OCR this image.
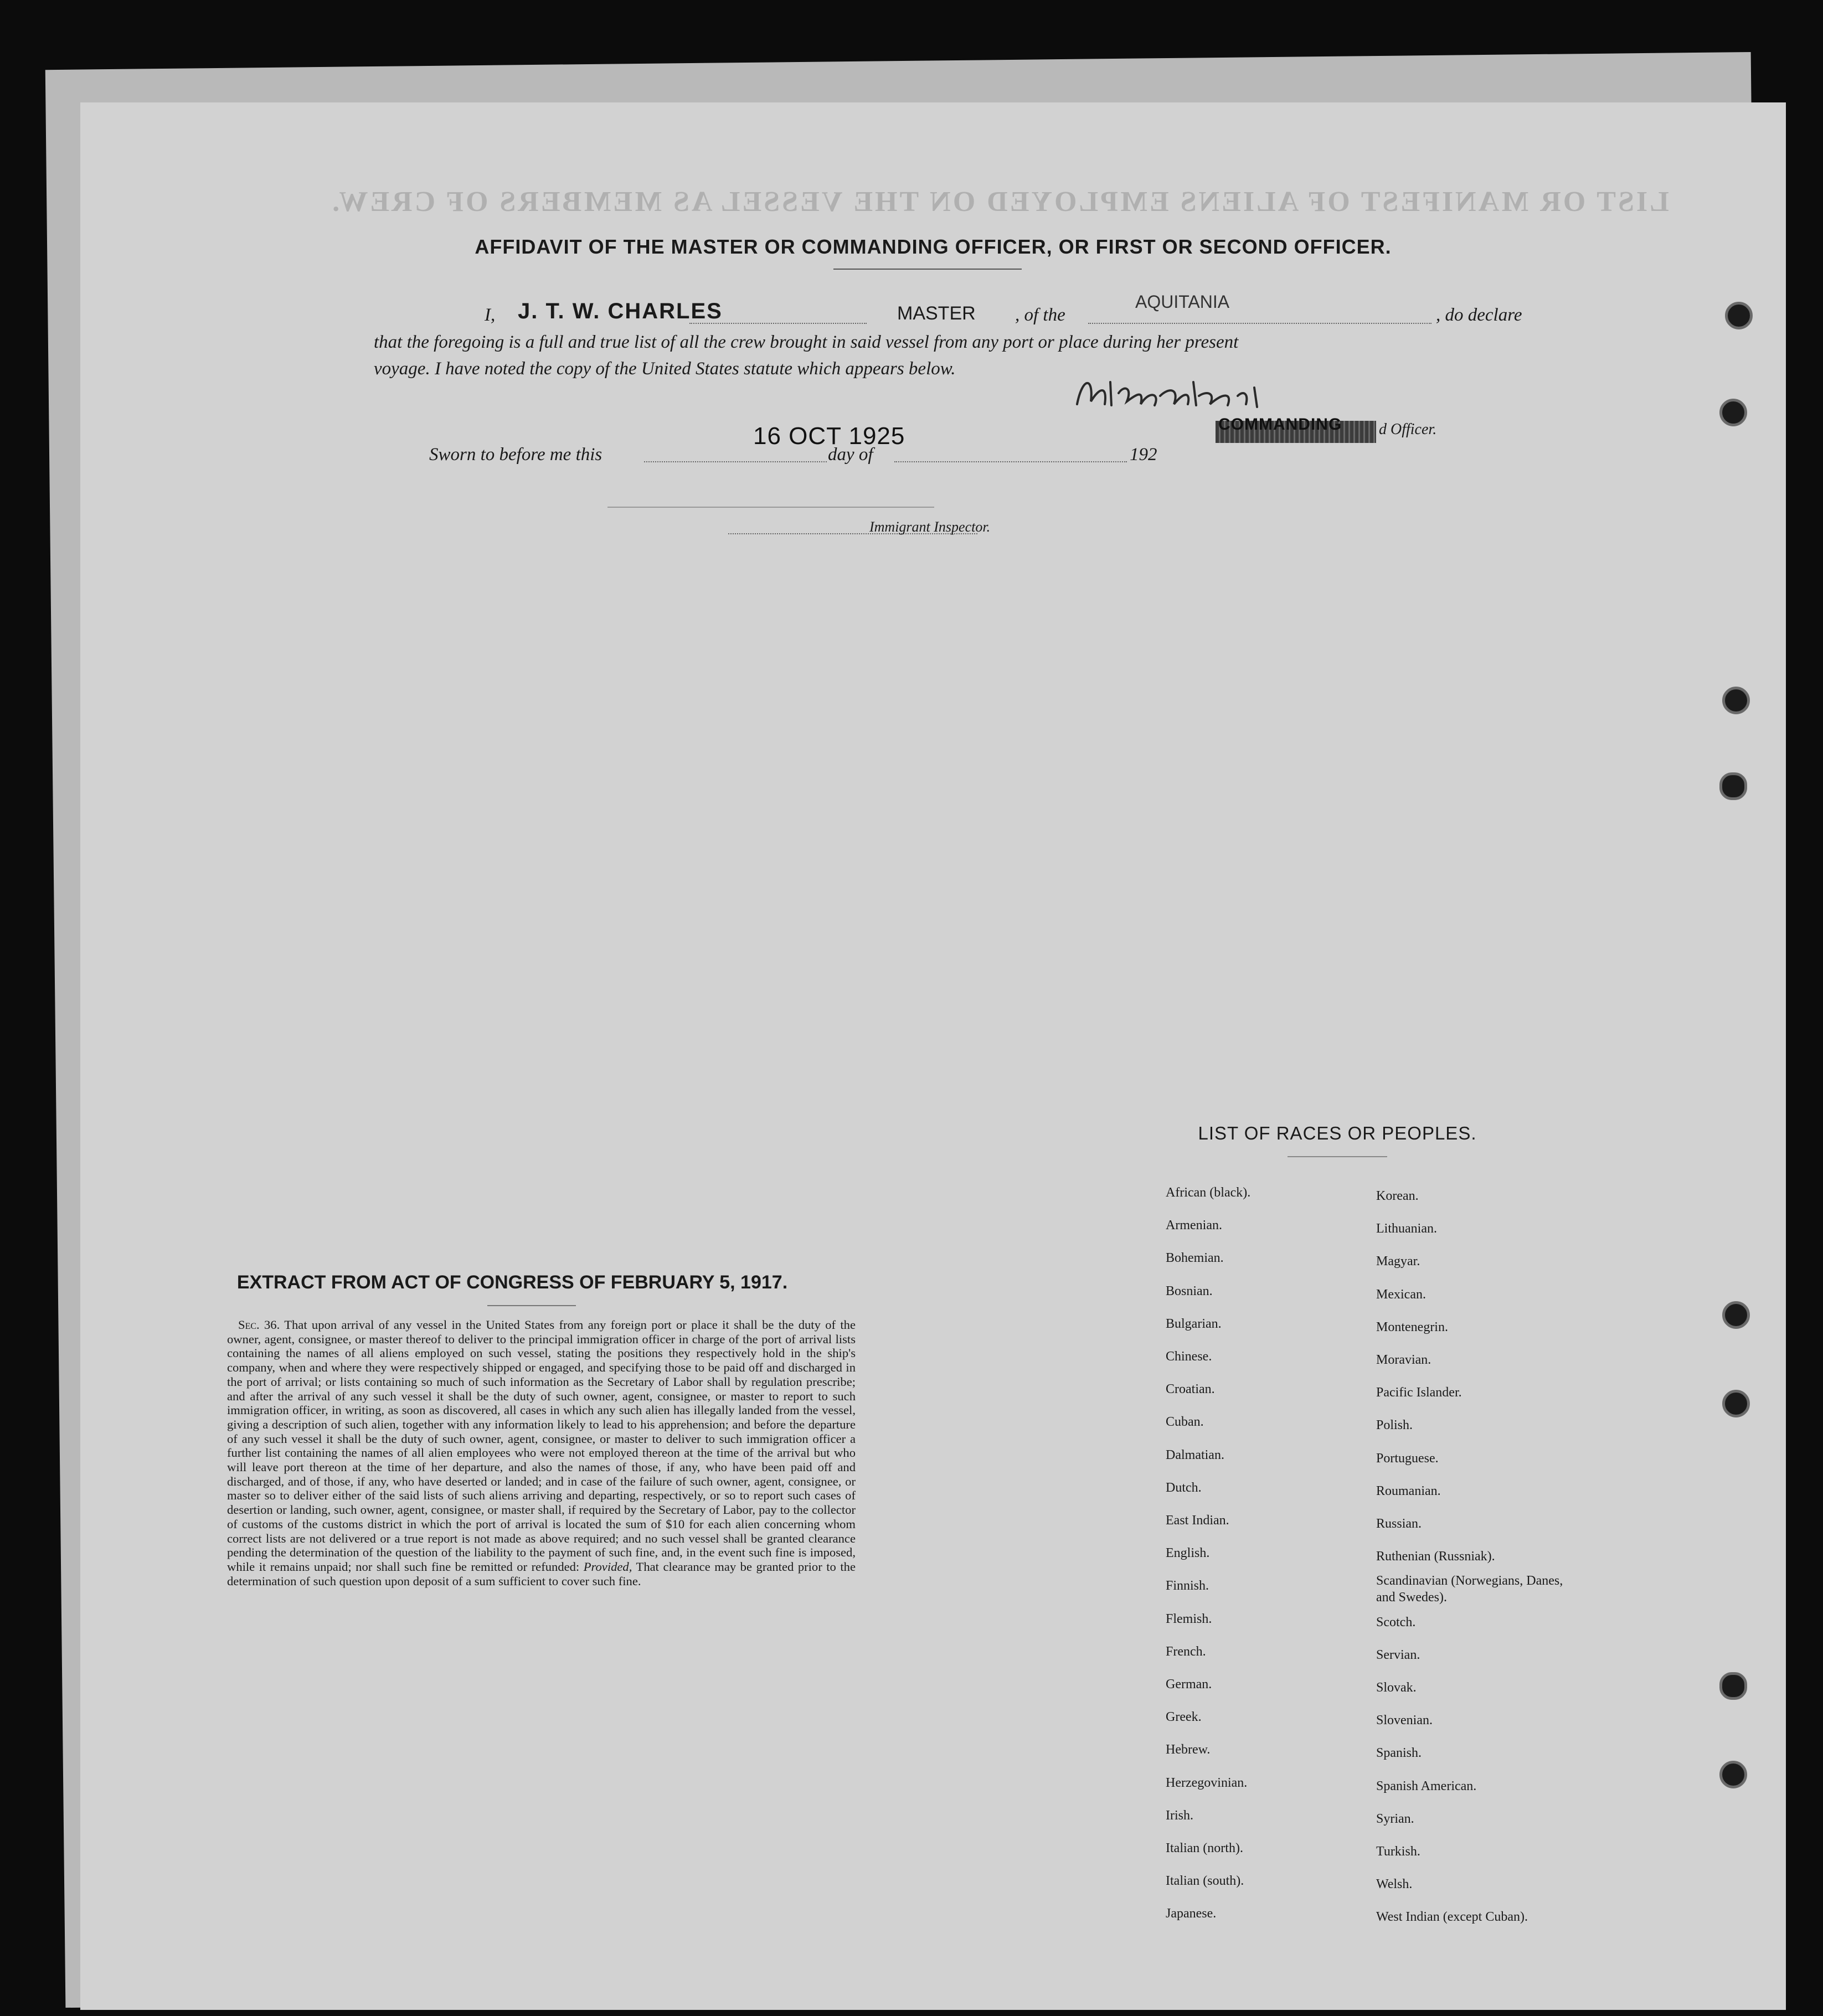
LIST OR MANIFEST OF ALIENS EMPLOYED ON THE VESSEL AS MEMBERS OF CREW.
AFFIDAVIT OF THE MASTER OR COMMANDING OFFICER, OR FIRST OR SECOND OFFICER.
I, J. T. W. CHARLES	MASTER , of the
AQUITANIA
, do declare
that the foregoing is a full and true list of all the crew brought in said vessel from any port or place during her present
voyage. I have noted the copy of the United States statute which appears below.
COMMANDING d Officer.
Sworn to before me this
16 OCT 1925
day of	192
Immigrant Inspector.
EXTRACT FROM ACT OF CONGRESS OF FEBRUARY 5, 1917.
Sec. 36. That upon arrival of any vessel in the United States from any foreign port or place it shall be the duty of the owner, agent, consignee, or master thereof to deliver to the principal immigration officer in charge of the port of arrival lists containing the names of all aliens employed on such vessel, stating the positions they respectively hold in the ship's company, when and where they were respectively shipped or engaged, and specifying those to be paid off and discharged in the port of arrival; or lists containing so much of such information as the Secretary of Labor shall by regulation prescribe; and after the arrival of any such vessel it shall be the duty of such owner, agent, consignee, or master to report to such immigration officer, in writing, as soon as discovered, all cases in which any such alien has illegally landed from the vessel, giving a description of such alien, together with any information likely to lead to his apprehension; and before the departure of any such vessel it shall be the duty of such owner, agent, consignee, or master to deliver to such immigration officer a further list containing the names of all alien employees who were not employed thereon at the time of the arrival but who will leave port thereon at the time of her departure, and also the names of those, if any, who have been paid off and discharged, and of those, if any, who have deserted or landed; and in case of the failure of such owner, agent, consignee, or master so to deliver either of the said lists of such aliens arriving and departing, respectively, or so to report such cases of desertion or landing, such owner, agent, consignee, or master shall, if required by the Secretary of Labor, pay to the collector of customs of the customs district in which the port of arrival is located the sum of $10 for each alien concerning whom correct lists are not delivered or a true report is not made as above required; and no such vessel shall be granted clearance pending the determination of the question of the liability to the payment of such fine, and, in the event such fine is imposed, while it remains unpaid; nor shall such fine be remitted or refunded: Provided, That clearance may be granted prior to the determination of such question upon deposit of a sum sufficient to cover such fine.
LIST OF RACES OR PEOPLES.
African (black).
Armenian.
Bohemian.
Bosnian.
Bulgarian.
Chinese.
Croatian.
Cuban.
Dalmatian.
Dutch.
East Indian.
English.
Finnish.
Flemish.
French.
German.
Greek.
Hebrew.
Herzegovinian.
Irish.
Italian (north).
Italian (south).
Japanese.
Korean.
Lithuanian.
Magyar.
Mexican.
Montenegrin.
Moravian.
Pacific Islander.
Polish.
Portuguese.
Roumanian.
Russian.
Ruthenian (Russniak).
Scandinavian (Norwegians, Danes, and Swedes).
Scotch.
Servian.
Slovak.
Slovenian.
Spanish.
Spanish American.
Syrian.
Turkish.
Welsh.
West Indian (except Cuban).
